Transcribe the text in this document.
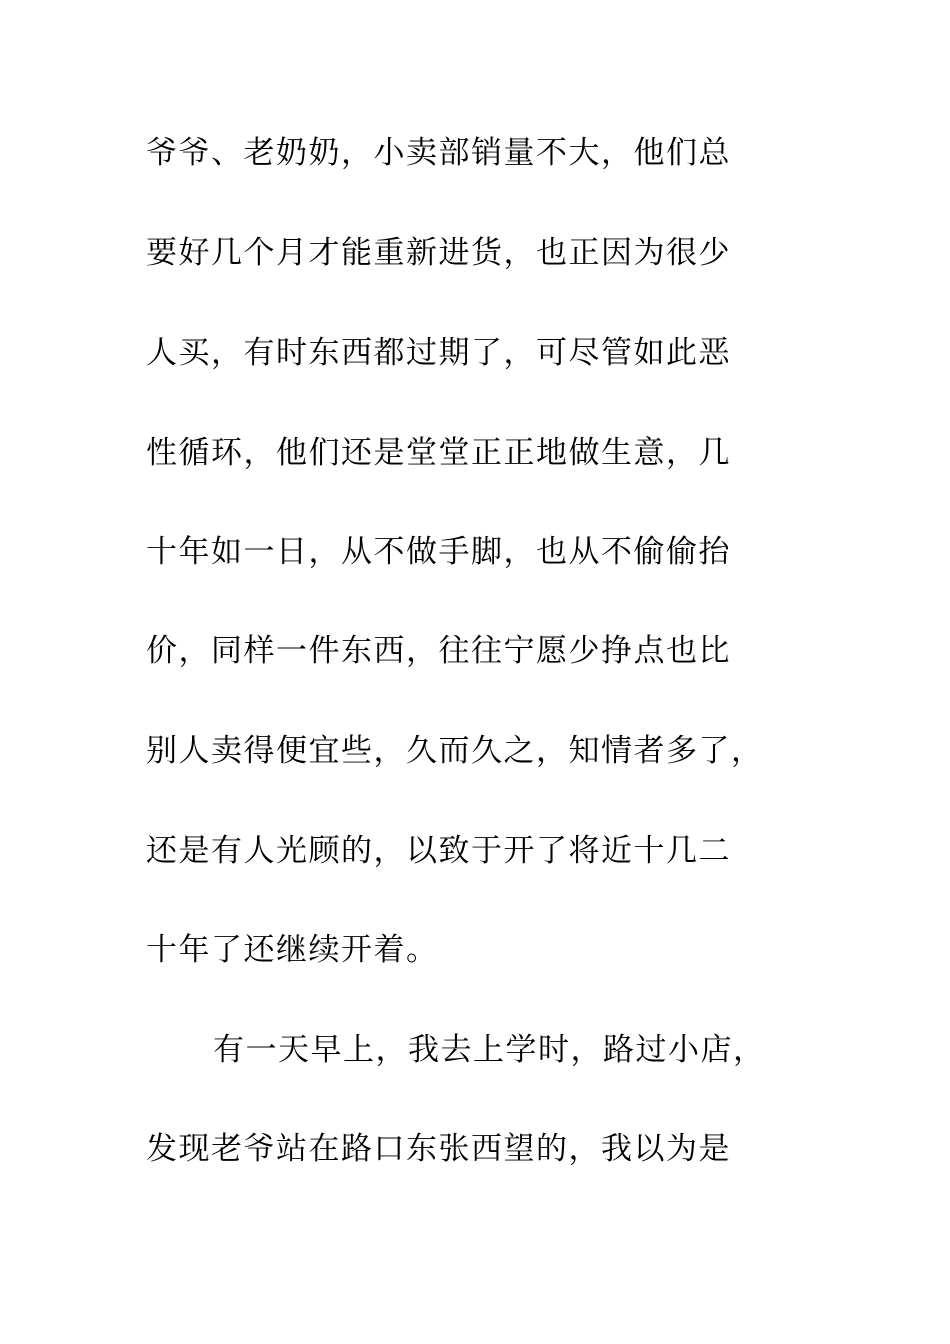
爷爷、老奶奶，小卖部销量不大，他们总

要好几个月才能重新进货，也正因为很少

人买，有时东西都过期了，可尽管如此恶

性循环，他们还是堂堂正正地做生意，几

十年如一日，从不做手脚，也从不偷偷抬

价，同样一件东西，往往宁愿少挣点也比

别人卖得便宜些，久而久之，知情者多了，

还是有人光顾的，以致于开了将近十几二

十年了还继续开着。

有一天早上，我去上学时，路过小店，

发现老爷站在路口东张西望的，我以为是
